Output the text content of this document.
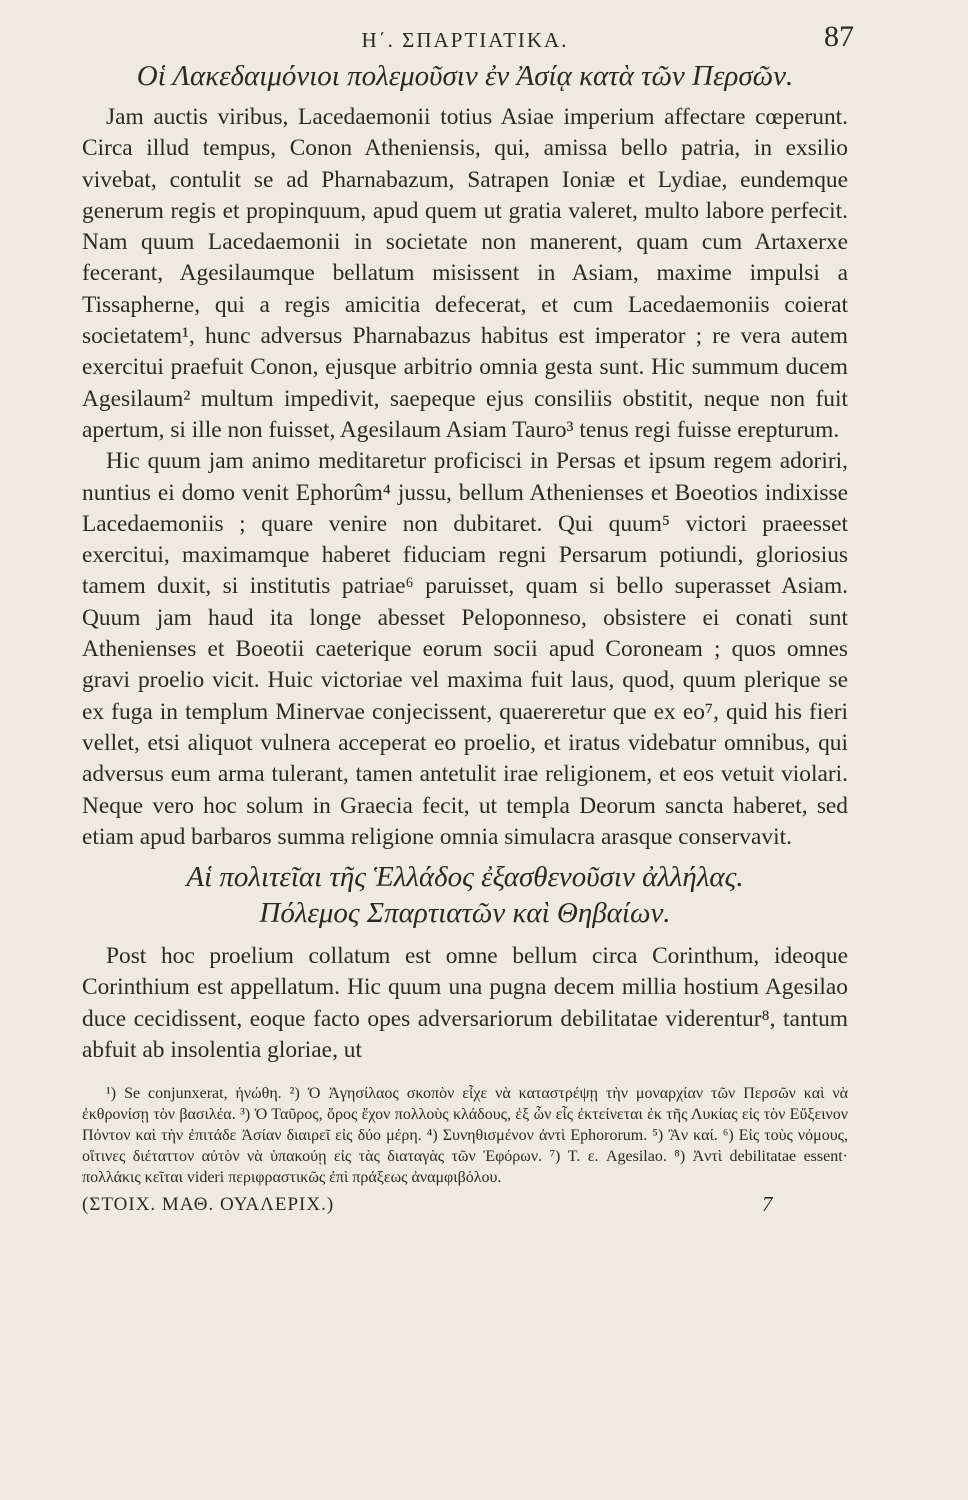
Η΄. ΣΠΑΡΤΙΑΤΙΚΑ.	87
Οἱ Λακεδαιμόνιοι πολεμοῦσιν ἐν Ἀσίᾳ κατὰ τῶν Περσῶν.

Jam auctis viribus, Lacedaemonii totius Asiae imperium affectare cœperunt. Circa illud tempus, Conon Atheniensis, qui, amissa bello patria, in exsilio vivebat, contulit se ad Pharnabazum, Satrapen Ioniæ et Lydiae, eundemque generum regis et propinquum, apud quem ut gratia valeret, multo labore perfecit. Nam quum Lacedaemonii in societate non manerent, quam cum Artaxerxe fecerant, Agesilaumque bellatum misissent in Asiam, maxime impulsi a Tissapherne, qui a regis amicitia defecerat, et cum Lacedaemoniis coierat societatem¹, hunc adversus Pharnabazus habitus est imperator ; re vera autem exercitui praefuit Conon, ejusque arbitrio omnia gesta sunt. Hic summum ducem Agesilaum² multum impedivit, saepeque ejus consiliis obstitit, neque non fuit apertum, si ille non fuisset, Agesilaum Asiam Tauro³ tenus regi fuisse erepturum.

Hic quum jam animo meditaretur proficisci in Persas et ipsum regem adoriri, nuntius ei domo venit Ephorûm⁴ jussu, bellum Athenienses et Boeotios indixisse Lacedaemoniis ; quare venire non dubitaret. Qui quum⁵ victori praeesset exercitui, maximamque haberet fiduciam regni Persarum potiundi, gloriosius tamem duxit, si institutis patriae⁶ paruisset, quam si bello superasset Asiam. Quum jam haud ita longe abesset Peloponneso, obsistere ei conati sunt Athenienses et Boeotii caeterique eorum socii apud Coroneam ; quos omnes gravi proelio vicit. Huic victoriae vel maxima fuit laus, quod, quum plerique se ex fuga in templum Minervae conjecissent, quaereretur que ex eo⁷, quid his fieri vellet, etsi aliquot vulnera acceperat eo proelio, et iratus videbatur omnibus, qui adversus eum arma tulerant, tamen antetulit irae religionem, et eos vetuit violari. Neque vero hoc solum in Graecia fecit, ut templa Deorum sancta haberet, sed etiam apud barbaros summa religione omnia simulacra arasque conservavit.

Αἱ πολιτεῖαι τῆς Ἑλλάδος ἐξασθενοῦσιν ἀλλήλας.
Πόλεμος Σπαρτιατῶν καὶ Θηβαίων.

Post hoc proelium collatum est omne bellum circa Corinthum, ideoque Corinthium est appellatum. Hic quum una pugna decem millia hostium Agesilao duce cecidissent, eoque facto opes adversariorum debilitatae viderentur⁸, tantum abfuit ab insolentia gloriae, ut

¹) Se conjunxerat, ἡνώθη. ²) Ὁ Ἀγησίλαος σκοπὸν εἶχε νὰ καταστρέψῃ τὴν μοναρχίαν τῶν Περσῶν καὶ νὰ ἐκθρονίσῃ τὸν βασιλέα. ³) Ὁ Ταῦρος, ὄρος ἔχον πολλοὺς κλάδους, ἐξ ὧν εἷς ἐκτείνεται ἐκ τῆς Λυκίας εἰς τὸν Εὔξεινον Πόντον καὶ τὴν ἐπιτάδε Ἀσίαν διαιρεῖ εἰς δύο μέρη. ⁴) Συνηθισμένον ἀντὶ Ephororum. ⁵) Ἂν καί. ⁶) Εἰς τοὺς νόμους, οἵτινες διέταττον αὐτὸν νὰ ὑπακούῃ εἰς τὰς διαταγὰς τῶν Ἐφόρων. ⁷) T. ε. Agesilao. ⁸) Ἀντὶ debilitatae essent· πολλάκις κεῖται videri περιφραστικῶς ἐπὶ πράξεως ἀναμφιβόλου.

(ΣΤΟΙΧ. ΜΑΘ. ΟΥΑΛΕΡΙΧ.)	7
